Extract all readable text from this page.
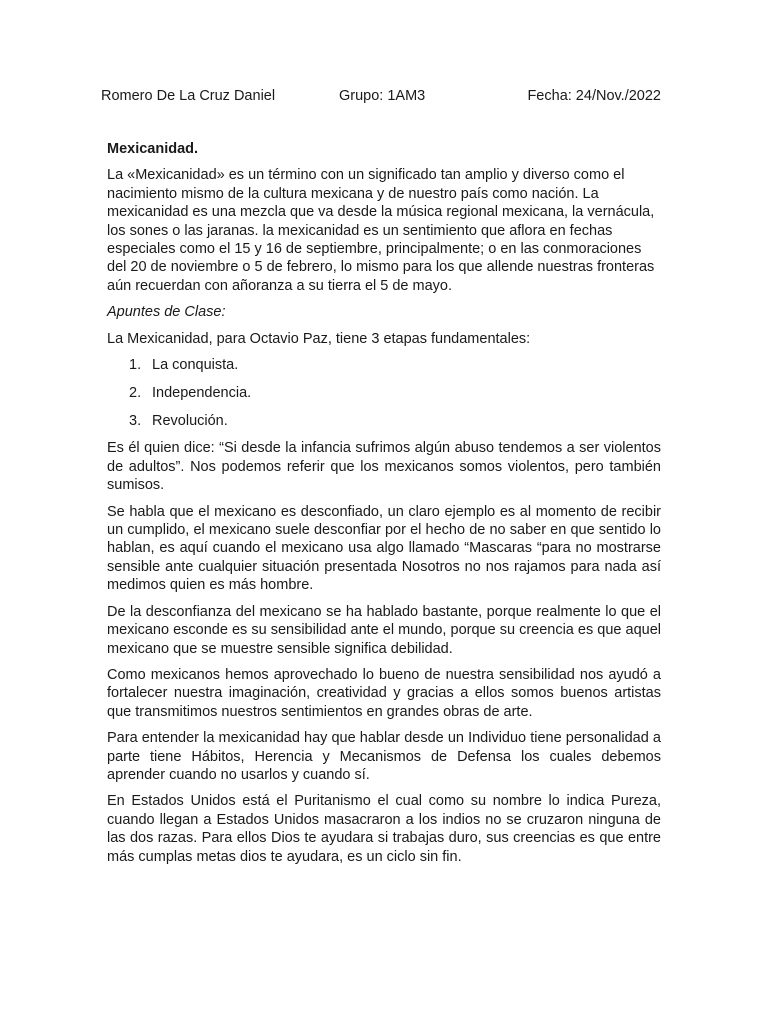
Romero De La Cruz Daniel	Grupo: 1AM3	Fecha: 24/Nov./2022

Mexicanidad.

La «Mexicanidad» es un término con un significado tan amplio y diverso como el nacimiento mismo de la cultura mexicana y de nuestro país como nación. La mexicanidad es una mezcla que va desde la música regional mexicana, la vernácula, los sones o las jaranas. la mexicanidad es un sentimiento que aflora en fechas especiales como el 15 y 16 de septiembre, principalmente; o en las conmoraciones del 20 de noviembre o 5 de febrero, lo mismo para los que allende nuestras fronteras aún recuerdan con añoranza a su tierra el 5 de mayo.

Apuntes de Clase:

La Mexicanidad, para Octavio Paz, tiene 3 etapas fundamentales:

1. La conquista.
2. Independencia.
3. Revolución.

Es él quien dice: “Si desde la infancia sufrimos algún abuso tendemos a ser violentos de adultos”. Nos podemos referir que los mexicanos somos violentos, pero también sumisos.

Se habla que el mexicano es desconfiado, un claro ejemplo es al momento de recibir un cumplido, el mexicano suele desconfiar por el hecho de no saber en que sentido lo hablan, es aquí cuando el mexicano usa algo llamado “Mascaras “para no mostrarse sensible ante cualquier situación presentada Nosotros no nos rajamos para nada así medimos quien es más hombre.

De la desconfianza del mexicano se ha hablado bastante, porque realmente lo que el mexicano esconde es su sensibilidad ante el mundo, porque su creencia es que aquel mexicano que se muestre sensible significa debilidad.

Como mexicanos hemos aprovechado lo bueno de nuestra sensibilidad nos ayudó a fortalecer nuestra imaginación, creatividad y gracias a ellos somos buenos artistas que transmitimos nuestros sentimientos en grandes obras de arte.

Para entender la mexicanidad hay que hablar desde un Individuo tiene personalidad a parte tiene Hábitos, Herencia y Mecanismos de Defensa los cuales debemos aprender cuando no usarlos y cuando sí.

En Estados Unidos está el Puritanismo el cual como su nombre lo indica Pureza, cuando llegan a Estados Unidos masacraron a los indios no se cruzaron ninguna de las dos razas. Para ellos Dios te ayudara si trabajas duro, sus creencias es que entre más cumplas metas dios te ayudara, es un ciclo sin fin.
